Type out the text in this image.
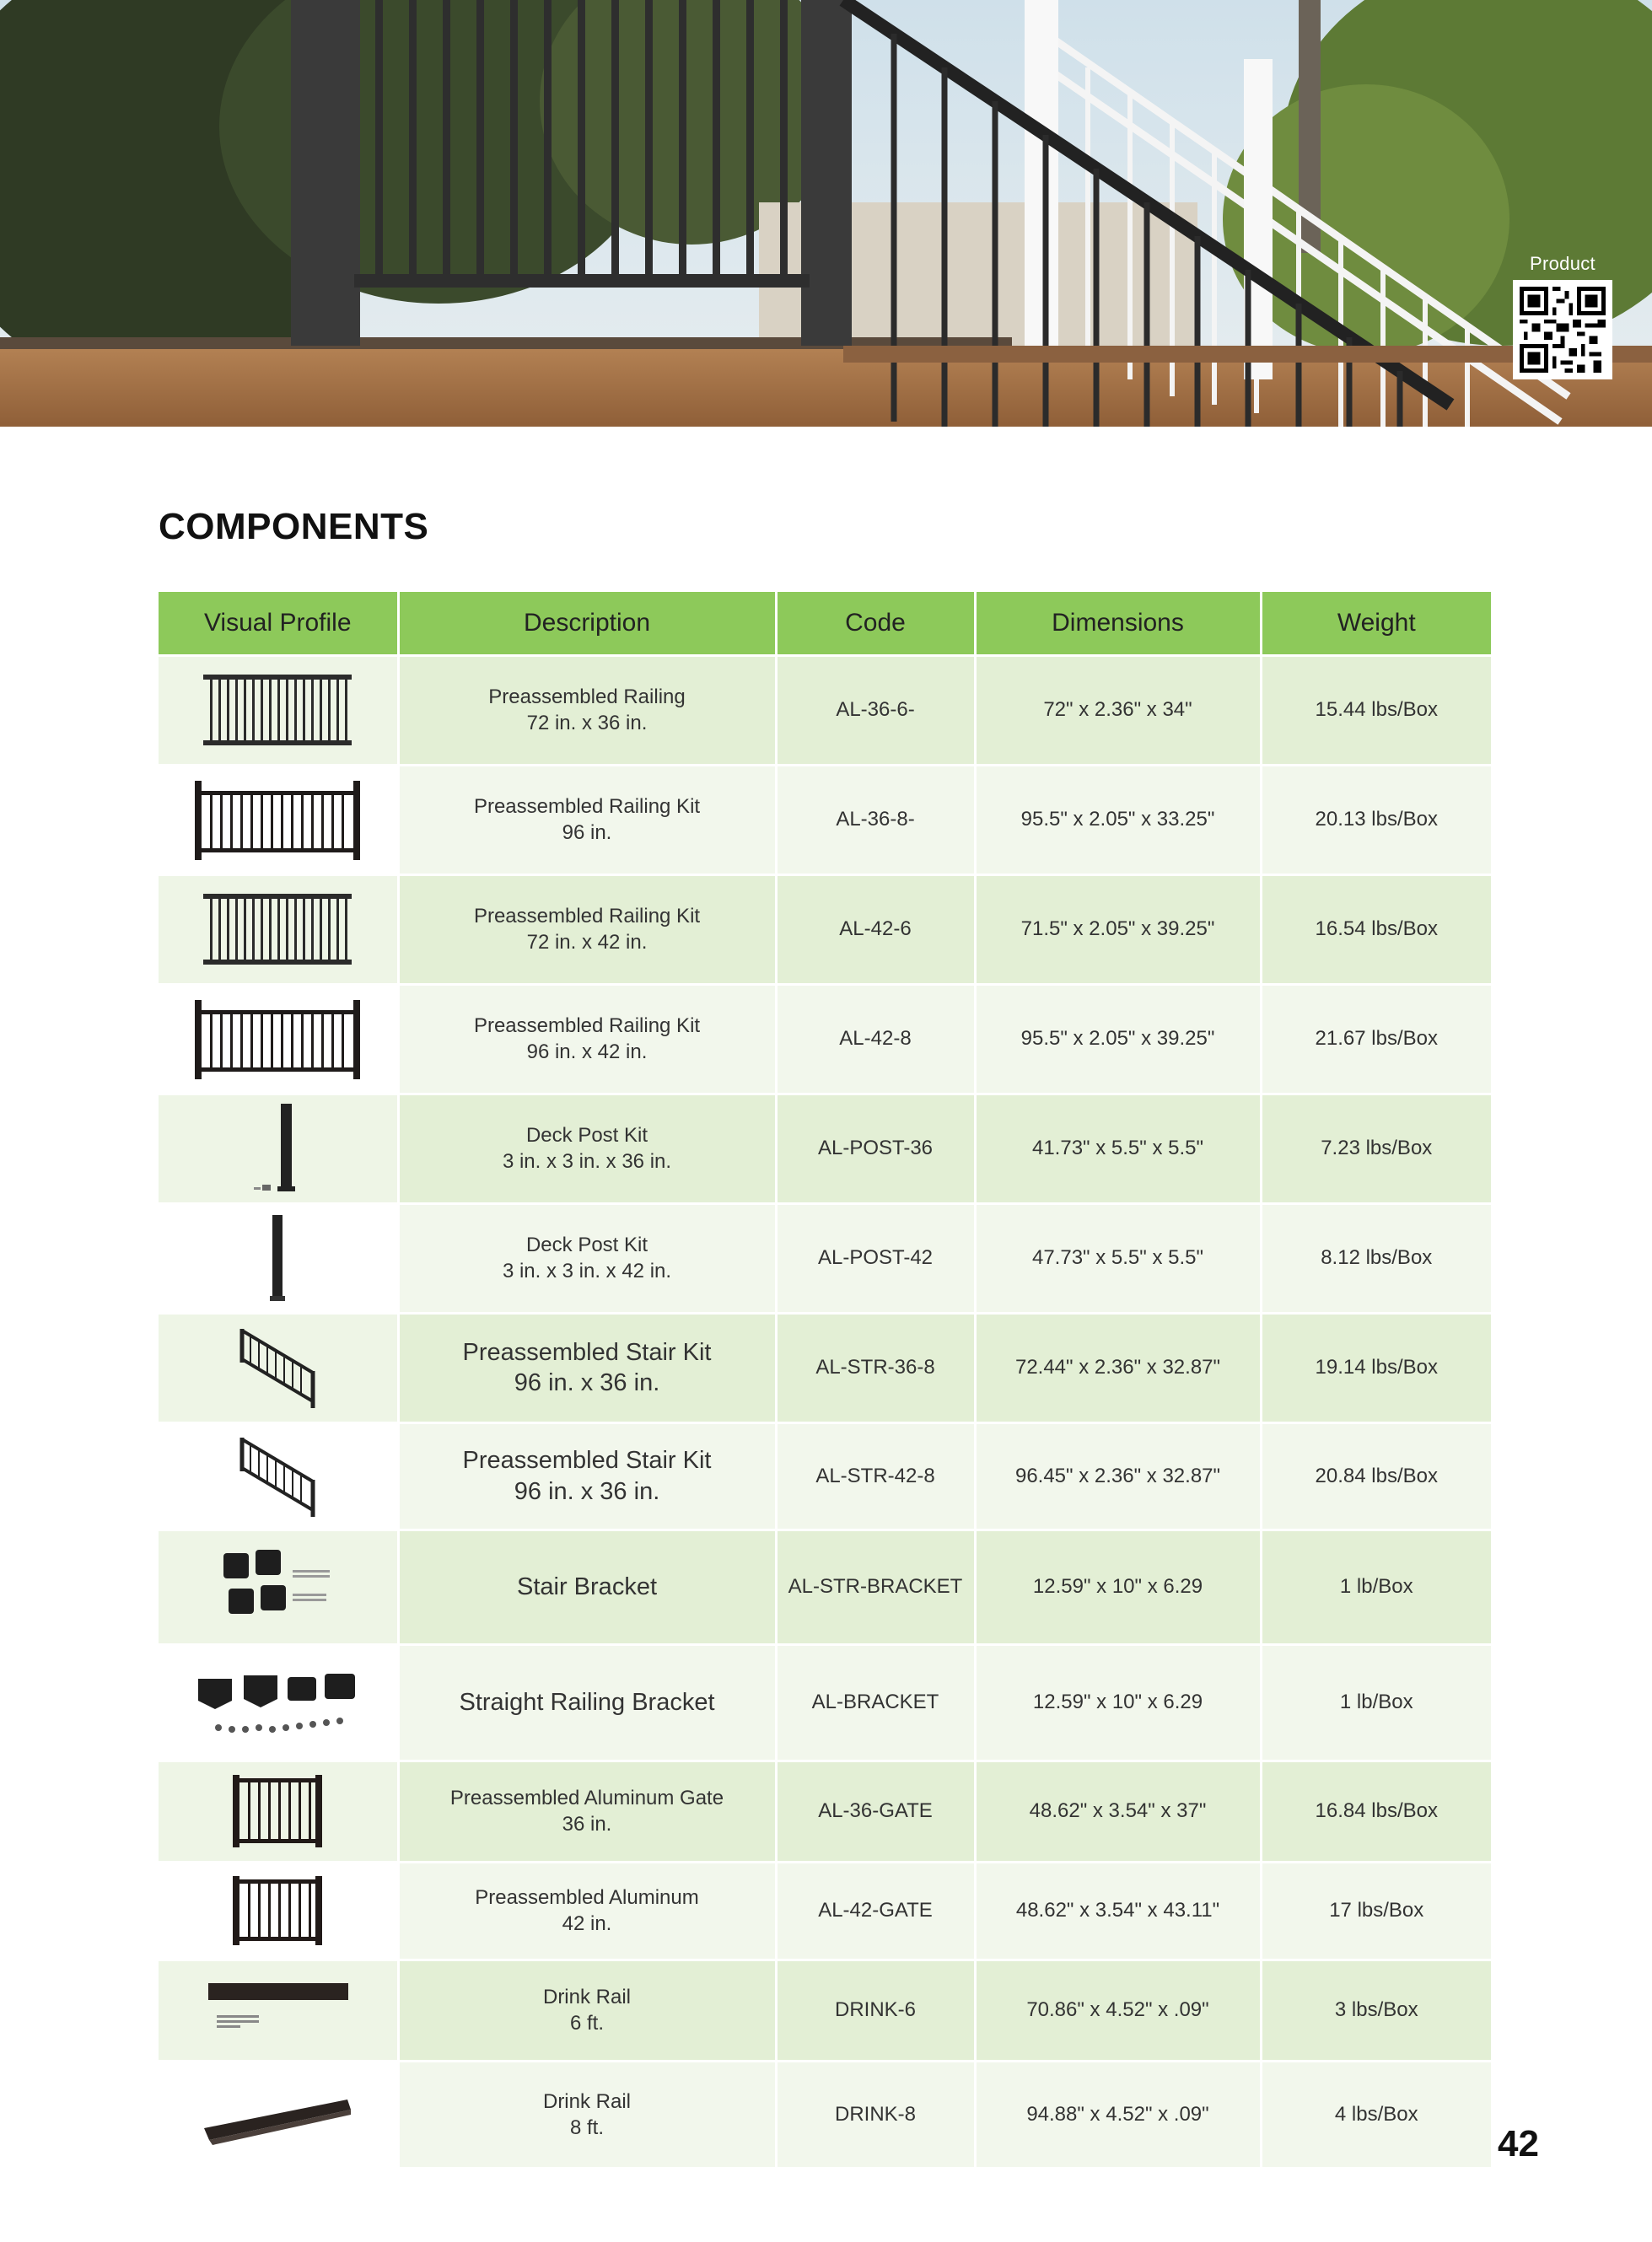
Product
COMPONENTS
Visual Profile	Description	Code	Dimensions	Weight

Preassembled Railing
72 in. x 36 in.	AL-36-6-	72" x 2.36" x 34"	15.44 lbs/Box

Preassembled Railing Kit
96 in.	AL-36-8-	95.5" x 2.05" x 33.25"	20.13 lbs/Box

Preassembled Railing Kit
72 in. x 42 in.	AL-42-6	71.5" x 2.05" x 39.25"	16.54 lbs/Box

Preassembled Railing Kit
96 in. x 42 in.	AL-42-8	95.5" x 2.05" x 39.25"	21.67 lbs/Box

Deck Post Kit
3 in. x 3 in. x 36 in.	AL-POST-36	41.73" x 5.5" x 5.5"	7.23 lbs/Box

Deck Post Kit
3 in. x 3 in. x 42 in.	AL-POST-42	47.73" x 5.5" x 5.5"	8.12 lbs/Box

Preassembled Stair Kit
96 in. x 36 in.	AL-STR-36-8	72.44" x 2.36" x 32.87"	19.14 lbs/Box

Preassembled Stair Kit
96 in. x 36 in.	AL-STR-42-8	96.45" x 2.36" x 32.87"	20.84 lbs/Box

Stair Bracket	AL-STR-BRACKET	12.59" x 10" x 6.29	1 lb/Box

Straight Railing Bracket	AL-BRACKET	12.59" x 10" x 6.29	1 lb/Box

Preassembled Aluminum Gate
36 in.	AL-36-GATE	48.62" x 3.54" x 37"	16.84 lbs/Box

Preassembled Aluminum
42 in.	AL-42-GATE	48.62" x 3.54" x 43.11"	17 lbs/Box

Drink Rail
6 ft.	DRINK-6	70.86" x 4.52" x .09"	3 lbs/Box

Drink Rail
8 ft.	DRINK-8	94.88" x 4.52" x .09"	4 lbs/Box
42
